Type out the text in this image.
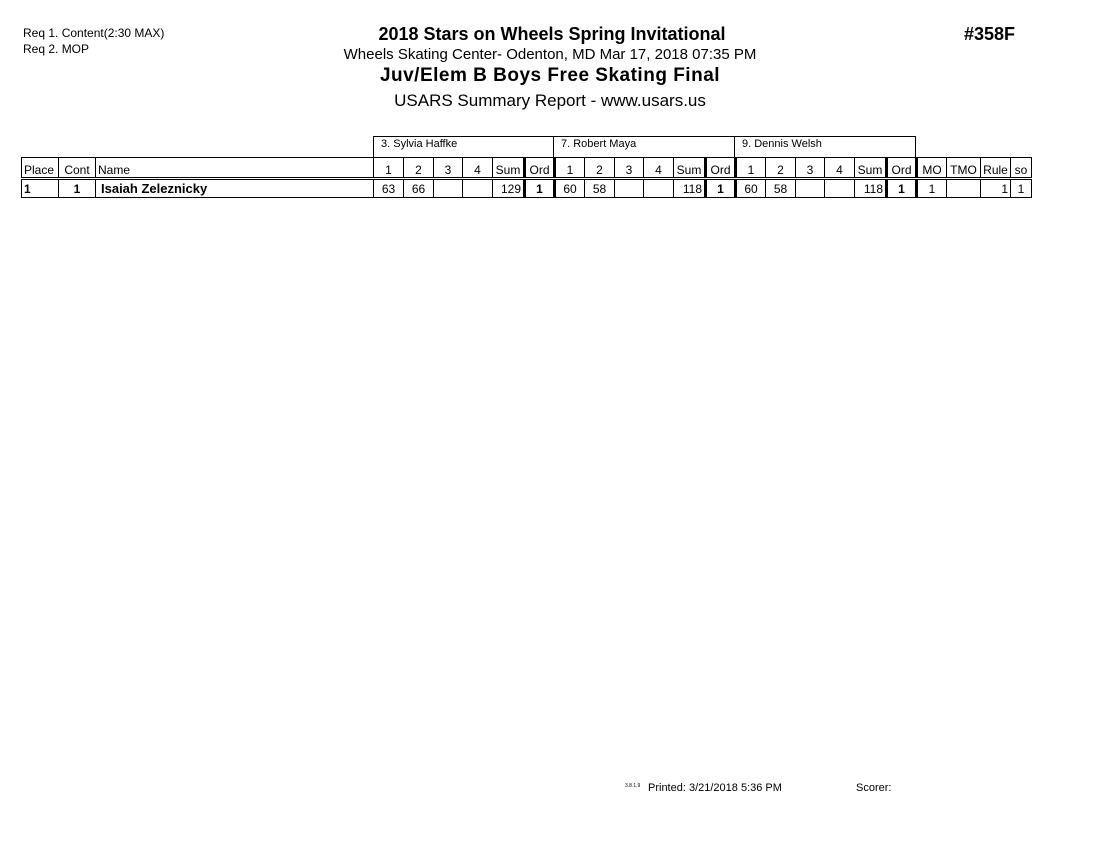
Req 1. Content(2:30 MAX)
Req 2. MOP
2018 Stars on Wheels Spring Invitational
Wheels Skating Center- Odenton, MD Mar 17, 2018 07:35 PM
Juv/Elem B Boys Free Skating Final
USARS Summary Report - www.usars.us
#358F
3. Sylvia Haffke	7. Robert Maya	9. Dennis Welsh
Place	Cont	Name	1	2	3	4	Sum	Ord	1	2	3	4	Sum	Ord	1	2	3	4	Sum	Ord	MO	TMO	Rule	so
1	1	Isaiah Zeleznicky	63	66			129	1	60	58			118	1	60	58			118	1	1		1	1
3.8.1.9 Printed: 3/21/2018 5:36 PM	Scorer:
